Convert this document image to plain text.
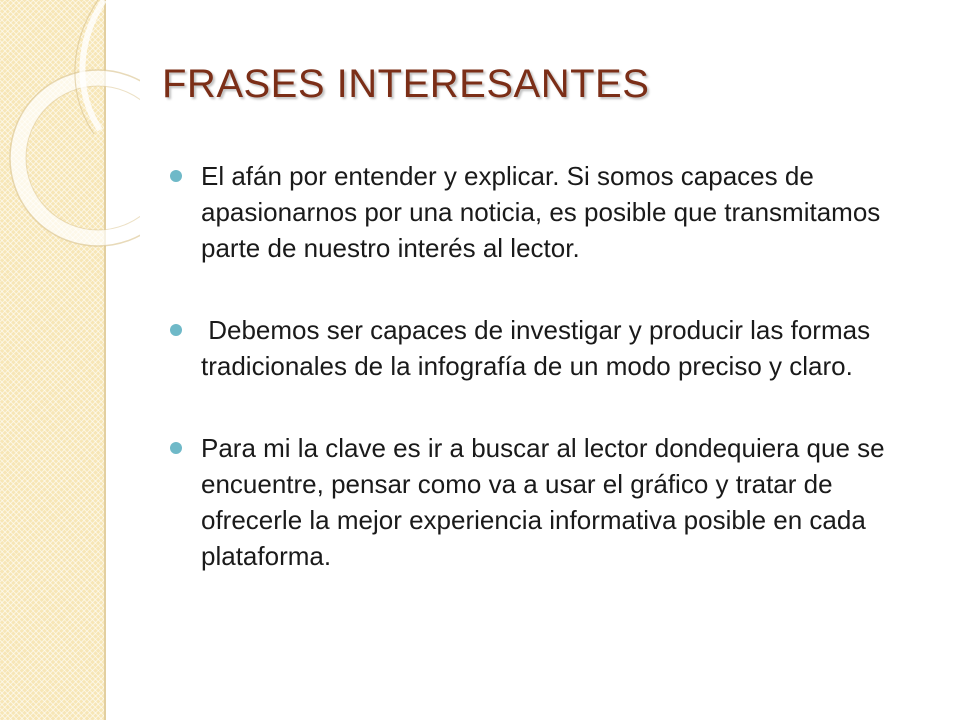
FRASES INTERESANTES
El afán por entender y explicar. Si somos capaces de apasionarnos por una noticia, es posible que transmitamos parte de nuestro interés al lector.
Debemos ser capaces de investigar y producir las formas tradicionales de la infografía de un modo preciso y claro.
Para mi la clave es ir a buscar al lector dondequiera que se encuentre, pensar como va a usar el gráfico y tratar de ofrecerle la mejor experiencia informativa posible en cada plataforma.
